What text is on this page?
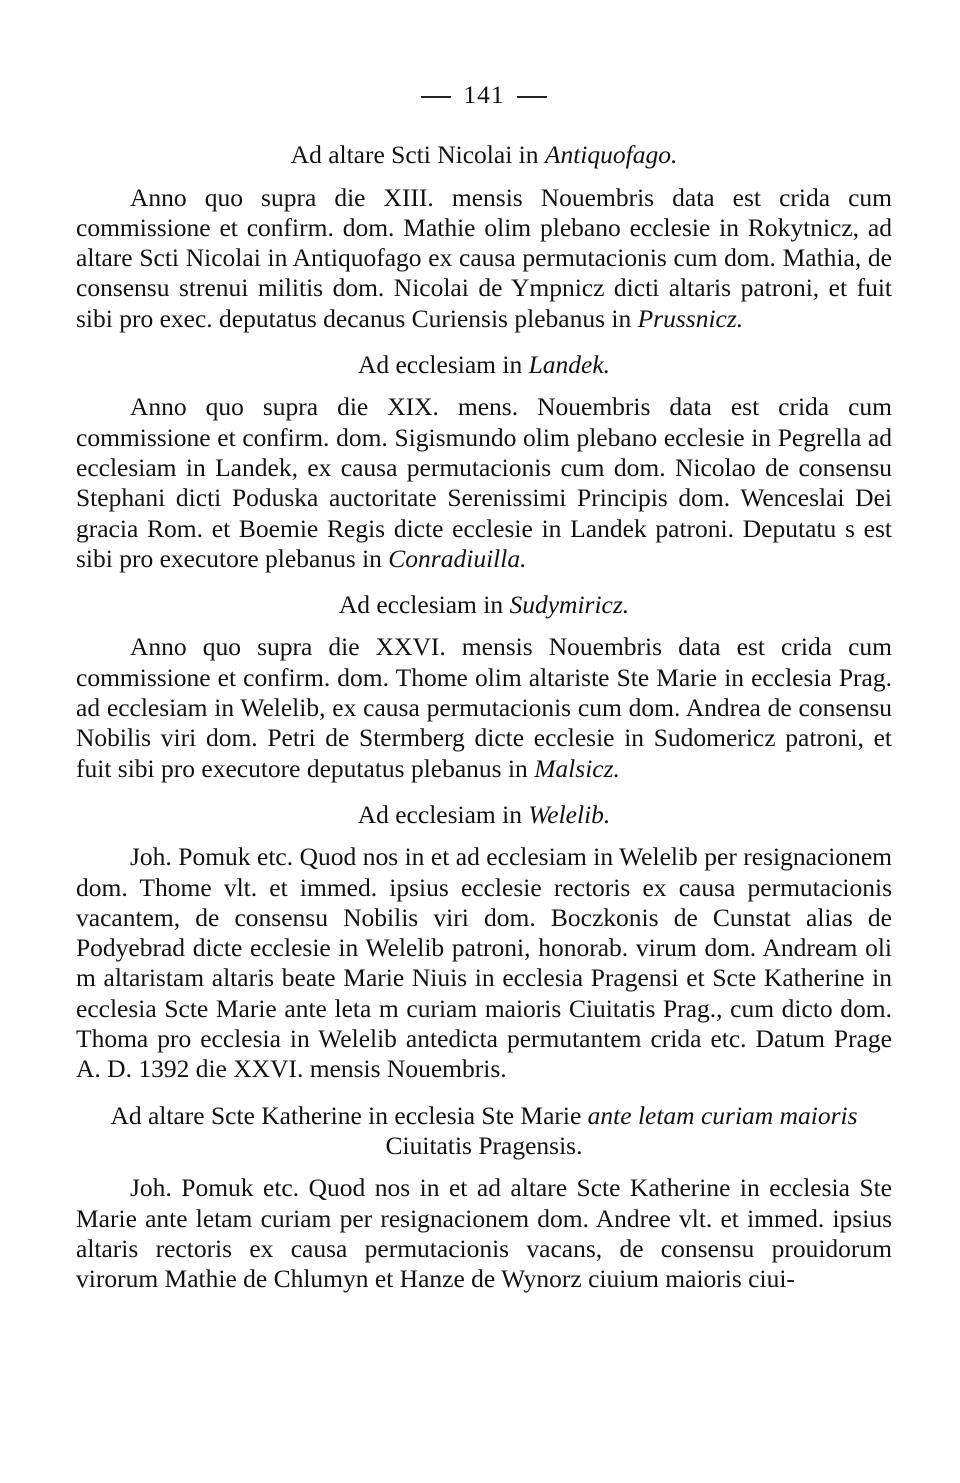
141
Ad altare Scti Nicolai in Antiquofago.

Anno quo supra die XIII. mensis Nouembris data est crida cum commissione et confirm. dom. Mathie olim plebano ecclesie in Rokytnicz, ad altare Scti Nicolai in Antiquofago ex causa permutacionis cum dom. Mathia, de consensu strenui militis dom. Nicolai de Ympnicz dicti altaris patroni, et fuit sibi pro exec. deputatus decanus Curiensis plebanus in Prussnicz.

Ad ecclesiam in Landek.

Anno quo supra die XIX. mens. Nouembris data est crida cum commissione et confirm. dom. Sigismundo olim plebano ecclesie in Pegrella ad ecclesiam in Landek, ex causa permutacionis cum dom. Nicolao de consensu Stephani dicti Poduska auctoritate Serenissimi Principis dom. Wenceslai Dei gracia Rom. et Boemie Regis dicte ecclesie in Landek patroni. Deputatu s est sibi pro executore plebanus in Conradiuilla.

Ad ecclesiam in Sudymiricz.

Anno quo supra die XXVI. mensis Nouembris data est crida cum commissione et confirm. dom. Thome olim altariste Ste Marie in ecclesia Prag. ad ecclesiam in Welelib, ex causa permutacionis cum dom. Andrea de consensu Nobilis viri dom. Petri de Stermberg dicte ecclesie in Sudomericz patroni, et fuit sibi pro executore deputatus plebanus in Malsicz.

Ad ecclesiam in Welelib.

Joh. Pomuk etc. Quod nos in et ad ecclesiam in Welelib per resignacionem dom. Thome vlt. et immed. ipsius ecclesie rectoris ex causa permutacionis vacantem, de consensu Nobilis viri dom. Boczkonis de Cunstat alias de Podyebrad dicte ecclesie in Welelib patroni, honorab. virum dom. Andream oli m altaristam altaris beate Marie Niuis in ecclesia Pragensi et Scte Katherine in ecclesia Scte Marie ante leta m curiam maioris Ciuitatis Prag., cum dicto dom. Thoma pro ecclesia in Welelib antedicta permutantem crida etc. Datum Prage A. D. 1392 die XXVI. mensis Nouembris.

Ad altare Scte Katherine in ecclesia Ste Marie ante letam curiam maioris Ciuitatis Pragensis.

Joh. Pomuk etc. Quod nos in et ad altare Scte Katherine in ecclesia Ste Marie ante letam curiam per resignacionem dom. Andree vlt. et immed. ipsius altaris rectoris ex causa permutacionis vacans, de consensu prouidorum virorum Mathie de Chlumyn et Hanze de Wynorz ciuium maioris ciui-
